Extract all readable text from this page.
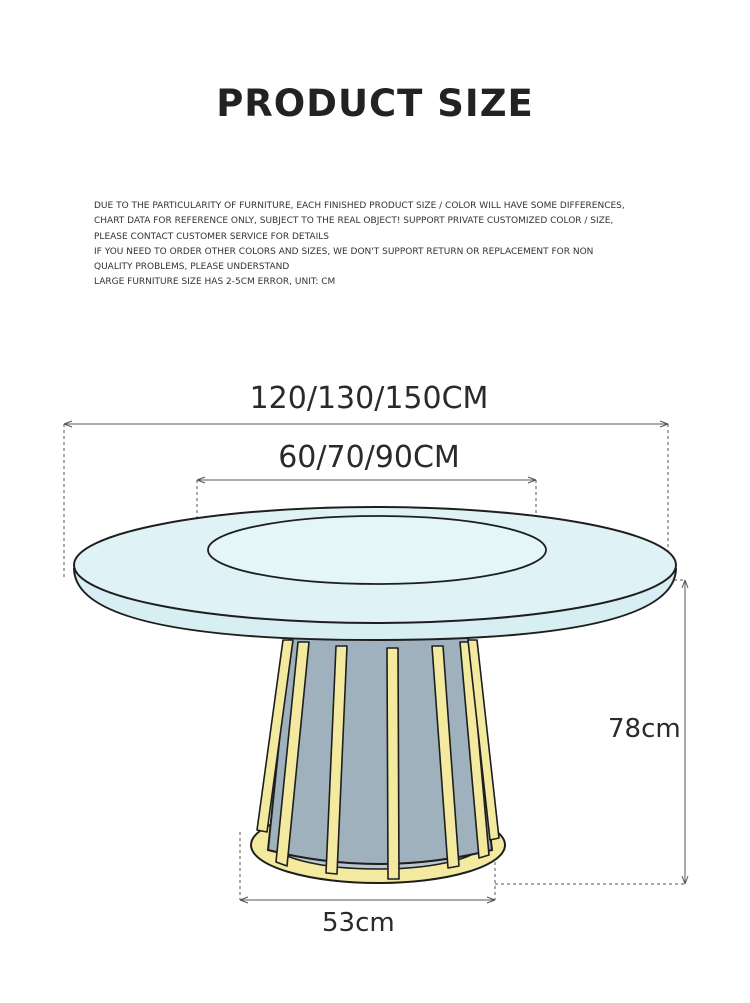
PRODUCT SIZE
DUE TO THE PARTICULARITY OF FURNITURE, EACH FINISHED PRODUCT SIZE / COLOR WILL HAVE SOME DIFFERENCES,
CHART DATA FOR REFERENCE ONLY, SUBJECT TO THE REAL OBJECT! SUPPORT PRIVATE CUSTOMIZED COLOR / SIZE,
PLEASE CONTACT CUSTOMER SERVICE FOR DETAILS
IF YOU NEED TO ORDER OTHER COLORS AND SIZES, WE DON'T SUPPORT RETURN OR REPLACEMENT FOR NON
QUALITY PROBLEMS, PLEASE UNDERSTAND
LARGE FURNITURE SIZE HAS 2-5CM ERROR, UNIT: CM
120/130/150CM
60/70/90CM
78cm
53cm
